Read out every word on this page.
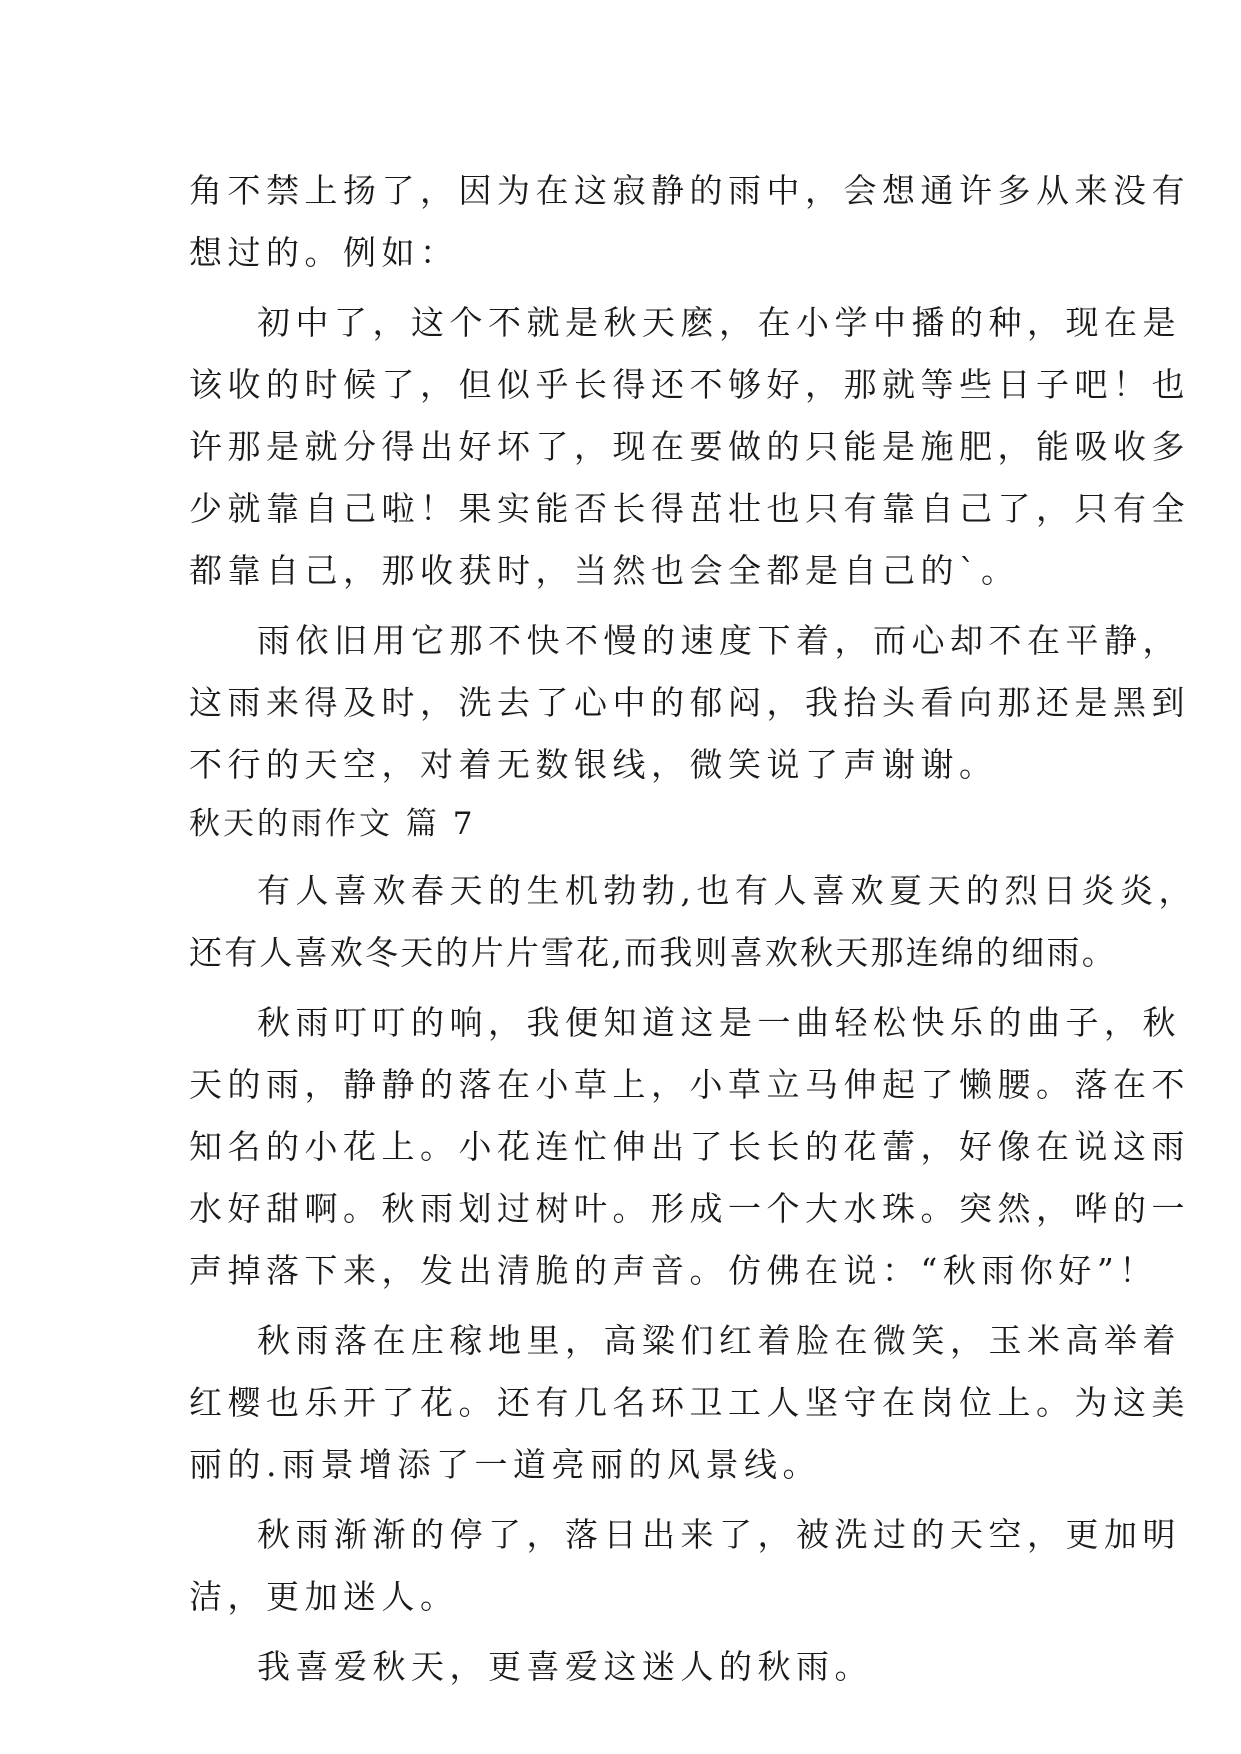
角不禁上扬了，因为在这寂静的雨中，会想通许多从来没有
想过的。例如：
初中了，这个不就是秋天麽，在小学中播的种，现在是
该收的时候了，但似乎长得还不够好，那就等些日子吧！也
许那是就分得出好坏了，现在要做的只能是施肥，能吸收多
少就靠自己啦！果实能否长得茁壮也只有靠自己了，只有全
都靠自己，那收获时，当然也会全都是自己的`。
雨依旧用它那不快不慢的速度下着，而心却不在平静，
这雨来得及时，洗去了心中的郁闷，我抬头看向那还是黑到
不行的天空，对着无数银线，微笑说了声谢谢。
秋天的雨作文 篇 7
有人喜欢春天的生机勃勃,也有人喜欢夏天的烈日炎炎，
还有人喜欢冬天的片片雪花,而我则喜欢秋天那连绵的细雨。
秋雨叮叮的响，我便知道这是一曲轻松快乐的曲子，秋
天的雨，静静的落在小草上，小草立马伸起了懒腰。落在不
知名的小花上。小花连忙伸出了长长的花蕾，好像在说这雨
水好甜啊。秋雨划过树叶。形成一个大水珠。突然，哗的一
声掉落下来，发出清脆的声音。仿佛在说：“秋雨你好”！
秋雨落在庄稼地里，高粱们红着脸在微笑，玉米高举着
红樱也乐开了花。还有几名环卫工人坚守在岗位上。为这美
丽的.雨景增添了一道亮丽的风景线。
秋雨渐渐的停了，落日出来了，被洗过的天空，更加明
洁，更加迷人。
我喜爱秋天，更喜爱这迷人的秋雨。
